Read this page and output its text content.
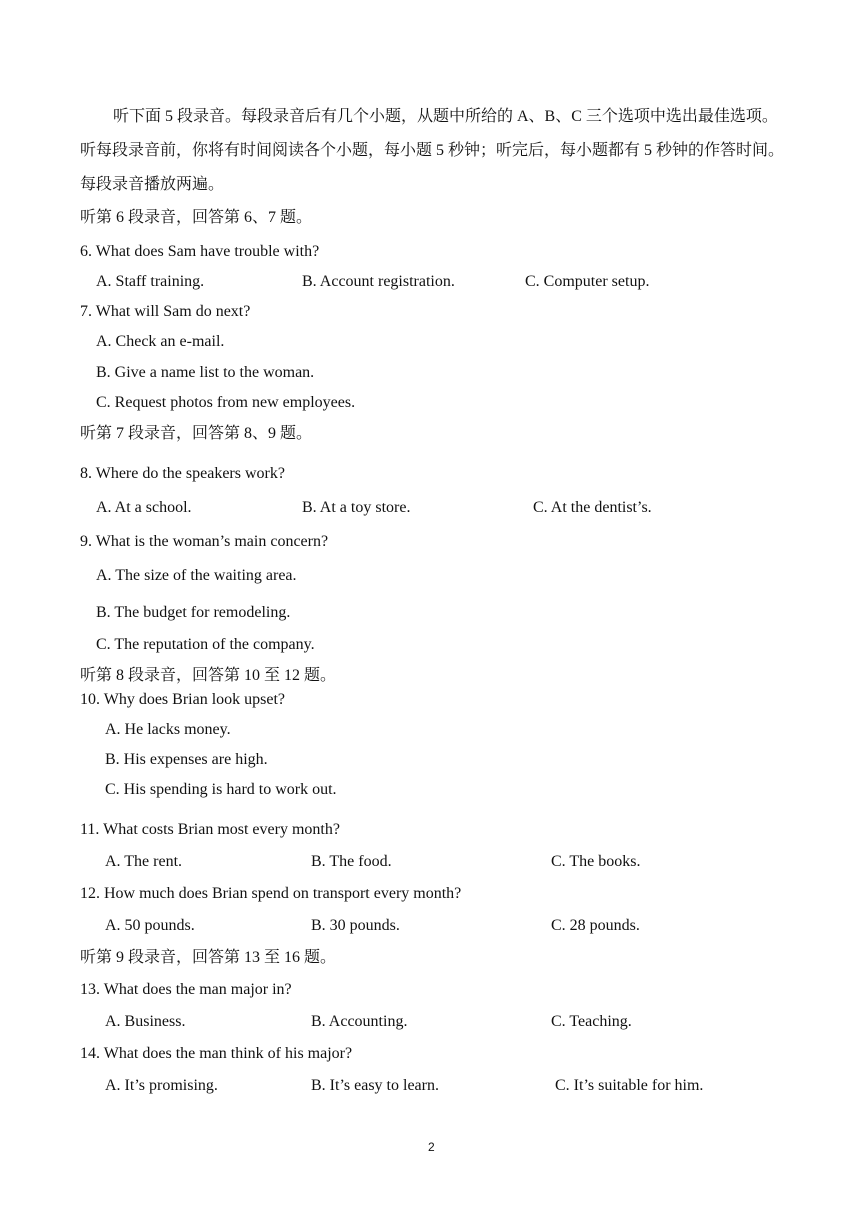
听下面 5 段录音。每段录音后有几个小题，从题中所给的 A、B、C 三个选项中选出最佳选项。听每段录音前，你将有时间阅读各个小题，每小题 5 秒钟；听完后，每小题都有 5 秒钟的作答时间。每段录音播放两遍。
听第 6 段录音，回答第 6、7 题。
6. What does Sam have trouble with?
A. Staff training.	B. Account registration.	C. Computer setup.
7. What will Sam do next?
A. Check an e-mail.
B. Give a name list to the woman.
C. Request photos from new employees.
听第 7 段录音，回答第 8、9 题。
8. Where do the speakers work?
A. At a school.	B. At a toy store.	C. At the dentist’s.
9. What is the woman’s main concern?
A. The size of the waiting area.
B. The budget for remodeling.
C. The reputation of the company.
听第 8 段录音，回答第 10 至 12 题。
10. Why does Brian look upset?
A. He lacks money.
B. His expenses are high.
C. His spending is hard to work out.
11. What costs Brian most every month?
A. The rent.	B. The food.	C. The books.
12. How much does Brian spend on transport every month?
A. 50 pounds.	B. 30 pounds.	C. 28 pounds.
听第 9 段录音，回答第 13 至 16 题。
13. What does the man major in?
A. Business.	B. Accounting.	C. Teaching.
14. What does the man think of his major?
A. It’s promising.	B. It’s easy to learn.	C. It’s suitable for him.
2
